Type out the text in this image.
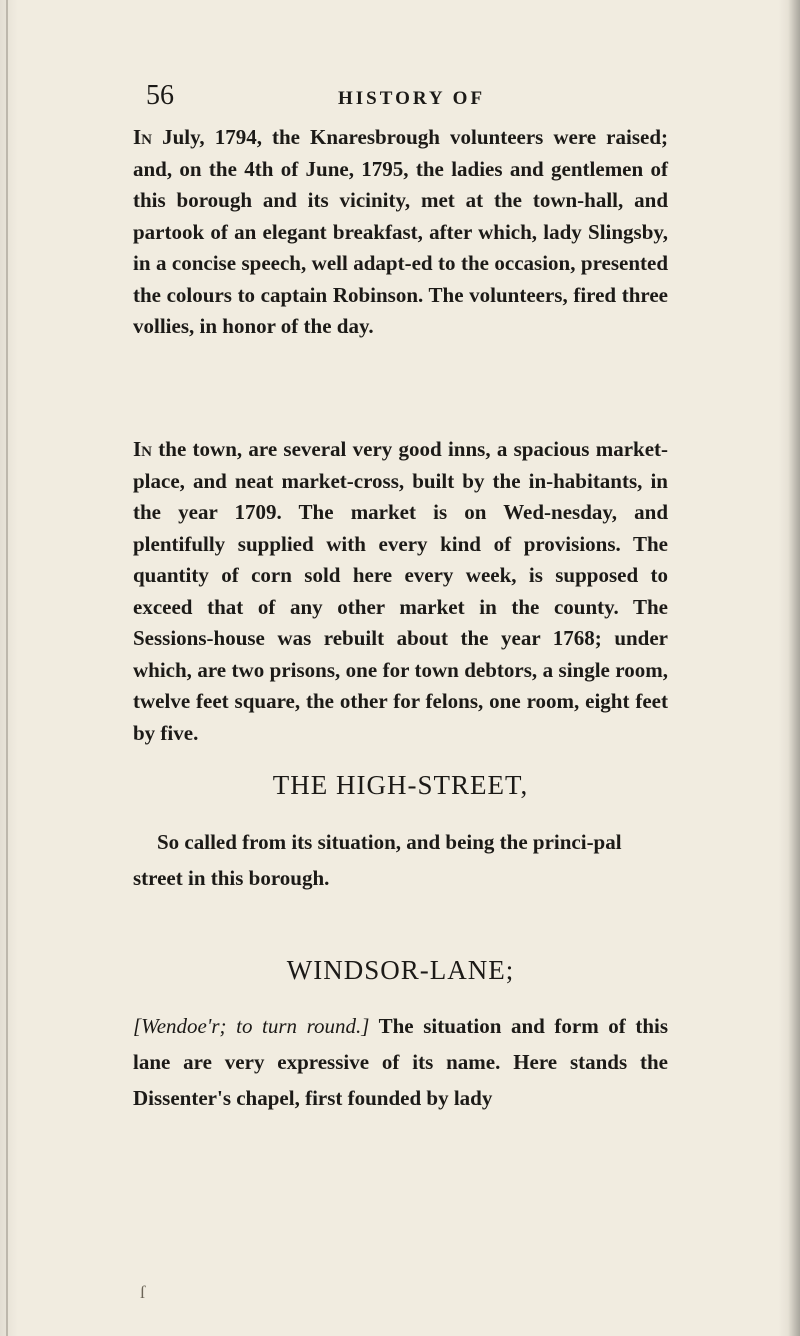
56	HISTORY OF
In July, 1794, the Knaresbrough volunteers were raised; and, on the 4th of June, 1795, the ladies and gentlemen of this borough and its vicinity, met at the town-hall, and partook of an elegant breakfast, after which, lady Slingsby, in a concise speech, well adapt-ed to the occasion, presented the colours to captain Robinson. The volunteers, fired three vollies, in honor of the day.
In the town, are several very good inns, a spacious market-place, and neat market-cross, built by the in-habitants, in the year 1709. The market is on Wed-nesday, and plentifully supplied with every kind of provisions. The quantity of corn sold here every week, is supposed to exceed that of any other market in the county. The Sessions-house was rebuilt about the year 1768; under which, are two prisons, one for town debtors, a single room, twelve feet square, the other for felons, one room, eight feet by five.
THE HIGH-STREET,
So called from its situation, and being the princi-pal street in this borough.
WINDSOR-LANE;
[Wendoe'r; to turn round.] The situation and form of this lane are very expressive of its name. Here stands the Dissenter's chapel, first founded by lady
ſ
